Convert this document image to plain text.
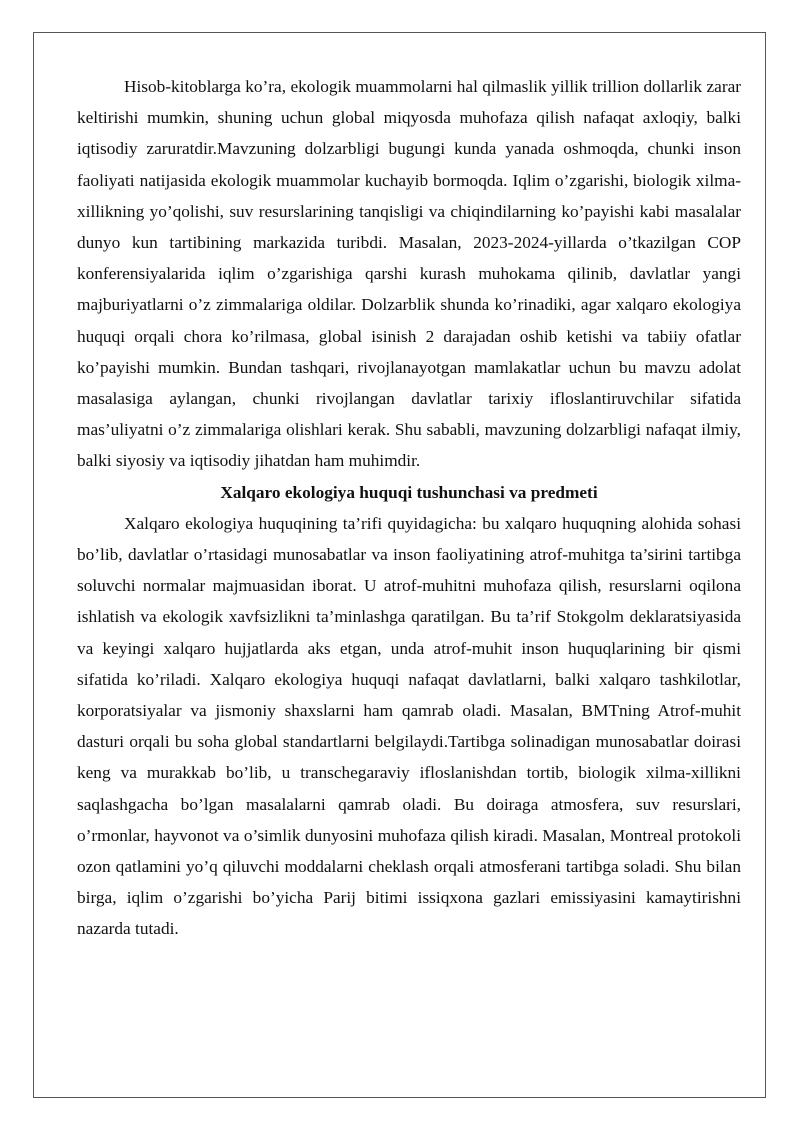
Hisob-kitoblarga ko’ra, ekologik muammolarni hal qilmaslik yillik trillion dollarlik zarar keltirishi mumkin, shuning uchun global miqyosda muhofaza qilish nafaqat axloqiy, balki iqtisodiy zaruratdir.Mavzuning dolzarbligi bugungi kunda yanada oshmoqda, chunki inson faoliyati natijasida ekologik muammolar kuchayib bormoqda. Iqlim o’zgarishi, biologik xilma-xillikning yo’qolishi, suv resurslarining tanqisligi va chiqindilarning ko’payishi kabi masalalar dunyo kun tartibining markazida turibdi. Masalan, 2023-2024-yillarda o’tkazilgan COP konferensiyalarida iqlim o’zgarishiga qarshi kurash muhokama qilinib, davlatlar yangi majburiyatlarni o’z zimmalariga oldilar. Dolzarblik shunda ko’rinadiki, agar xalqaro ekologiya huquqi orqali chora ko’rilmasa, global isinish 2 darajadan oshib ketishi va tabiiy ofatlar ko’payishi mumkin. Bundan tashqari, rivojlanayotgan mamlakatlar uchun bu mavzu adolat masalasiga aylangan, chunki rivojlangan davlatlar tarixiy ifloslantiruvchilar sifatida mas’uliyatni o’z zimmalariga olishlari kerak. Shu sababli, mavzuning dolzarbligi nafaqat ilmiy, balki siyosiy va iqtisodiy jihatdan ham muhimdir.

Xalqaro ekologiya huquqi tushunchasi va predmeti

Xalqaro ekologiya huquqining ta’rifi quyidagicha: bu xalqaro huquqning alohida sohasi bo’lib, davlatlar o’rtasidagi munosabatlar va inson faoliyatining atrof-muhitga ta’sirini tartibga soluvchi normalar majmuasidan iborat. U atrof-muhitni muhofaza qilish, resurslarni oqilona ishlatish va ekologik xavfsizlikni ta’minlashga qaratilgan. Bu ta’rif Stokgolm deklaratsiyasida va keyingi xalqaro hujjatlarda aks etgan, unda atrof-muhit inson huquqlarining bir qismi sifatida ko’riladi. Xalqaro ekologiya huquqi nafaqat davlatlarni, balki xalqaro tashkilotlar, korporatsiyalar va jismoniy shaxslarni ham qamrab oladi. Masalan, BMTning Atrof-muhit dasturi orqali bu soha global standartlarni belgilaydi.Tartibga solinadigan munosabatlar doirasi keng va murakkab bo’lib, u transchegaraviy ifloslanishdan tortib, biologik xilma-xillikni saqlashgacha bo’lgan masalalarni qamrab oladi. Bu doiraga atmosfera, suv resurslari, o’rmonlar, hayvonot va o’simlik dunyosini muhofaza qilish kiradi. Masalan, Montreal protokoli ozon qatlamini yo’q qiluvchi moddalarni cheklash orqali atmosferani tartibga soladi. Shu bilan birga, iqlim o’zgarishi bo’yicha Parij bitimi issiqxona gazlari emissiyasini kamaytirishni nazarda tutadi.
